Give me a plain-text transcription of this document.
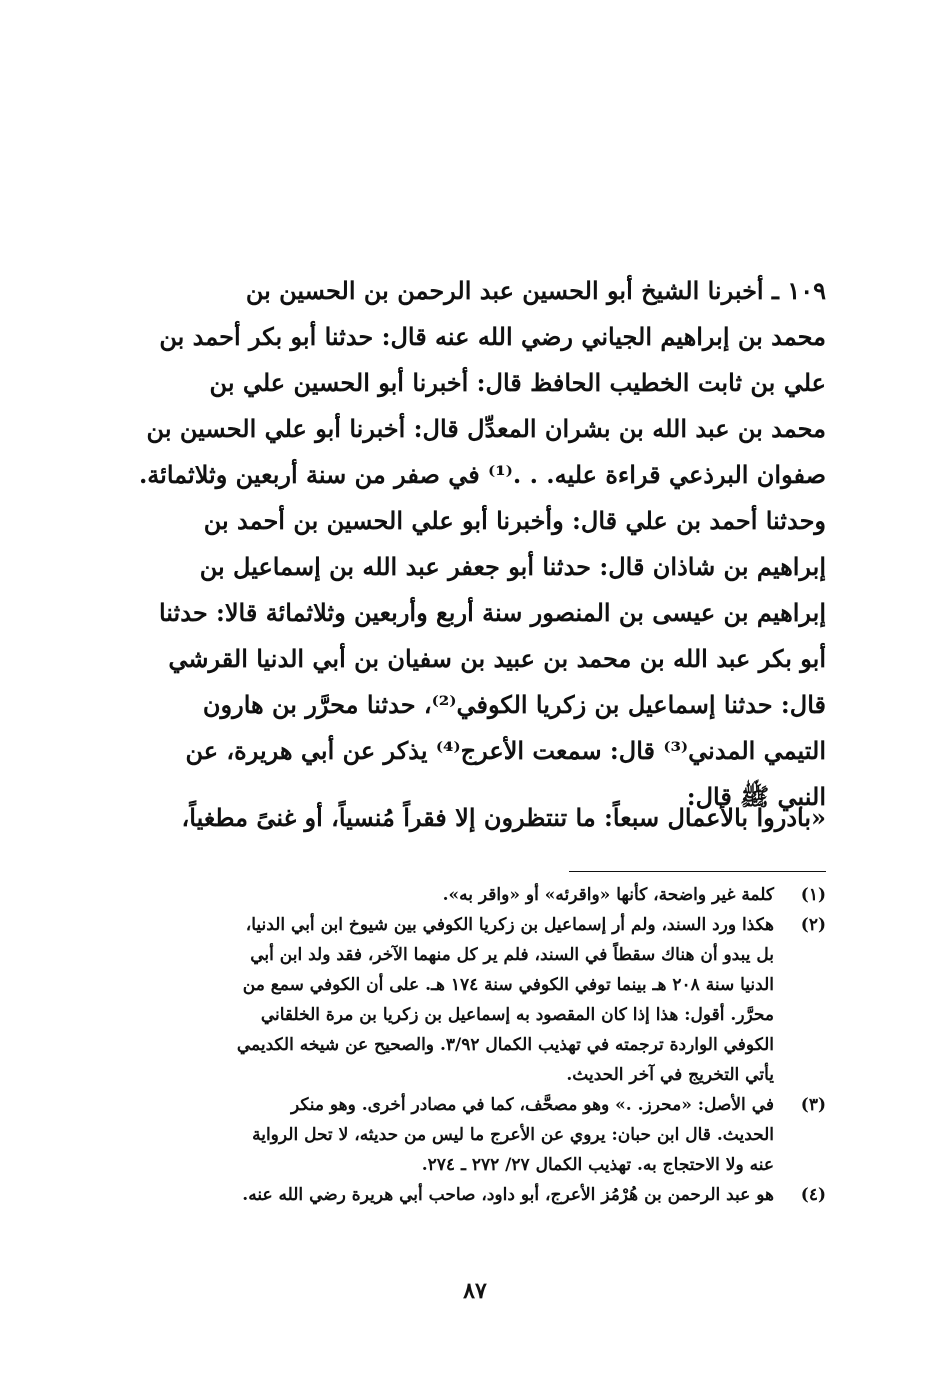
١٠٩ ـ أخبرنا الشيخ أبو الحسين عبد الرحمن بن الحسين بن
محمد بن إبراهيم الجياني رضي الله عنه قال: حدثنا أبو بكر أحمد بن
علي بن ثابت الخطيب الحافظ قال: أخبرنا أبو الحسين علي بن
محمد بن عبد الله بن بشران المعدِّل قال: أخبرنا أبو علي الحسين بن
صفوان البرذعي قراءة عليه. . .⁽¹⁾ في صفر من سنة أربعين وثلاثمائة.
وحدثنا أحمد بن علي قال: وأخبرنا أبو علي الحسين بن أحمد بن
إبراهيم بن شاذان قال: حدثنا أبو جعفر عبد الله بن إسماعيل بن
إبراهيم بن عيسى بن المنصور سنة أربع وأربعين وثلاثمائة قالا: حدثنا
أبو بكر عبد الله بن محمد بن عبيد بن سفيان بن أبي الدنيا القرشي
قال: حدثنا إسماعيل بن زكريا الكوفي⁽²⁾، حدثنا محرَّر بن هارون
التيمي المدني⁽³⁾ قال: سمعت الأعرج⁽⁴⁾ يذكر عن أبي هريرة، عن
النبي ﷺ قال:
«بادروا بالأعمال سبعاً: ما تنتظرون إلا فقراً مُنسياً، أو غنىً مطغياً،
(١)
كلمة غير واضحة، كأنها «واقرئه» أو «واقر به».
(٢)
هكذا ورد السند، ولم أر إسماعيل بن زكريا الكوفي بين شيوخ ابن أبي الدنيا،
بل يبدو أن هناك سقطاً في السند، فلم ير كل منهما الآخر، فقد ولد ابن أبي
الدنيا سنة ٢٠٨ هـ بينما توفي الكوفي سنة ١٧٤ هـ. على أن الكوفي سمع من
محرَّر. أقول: هذا إذا كان المقصود به إسماعيل بن زكريا بن مرة الخلقاني
الكوفي الواردة ترجمته في تهذيب الكمال ٣/٩٢. والصحيح عن شيخه الكديمي
يأتي التخريج في آخر الحديث.
(٣)
في الأصل: «محرز. .» وهو مصحَّف، كما في مصادر أخرى. وهو منكر
الحديث. قال ابن حبان: يروي عن الأعرج ما ليس من حديثه، لا تحل الرواية
عنه ولا الاحتجاج به. تهذيب الكمال ٢٧/ ٢٧٢ ـ ٢٧٤.
(٤)
هو عبد الرحمن بن هُرْمُز الأعرج، أبو داود، صاحب أبي هريرة رضي الله عنه.
٨٧
